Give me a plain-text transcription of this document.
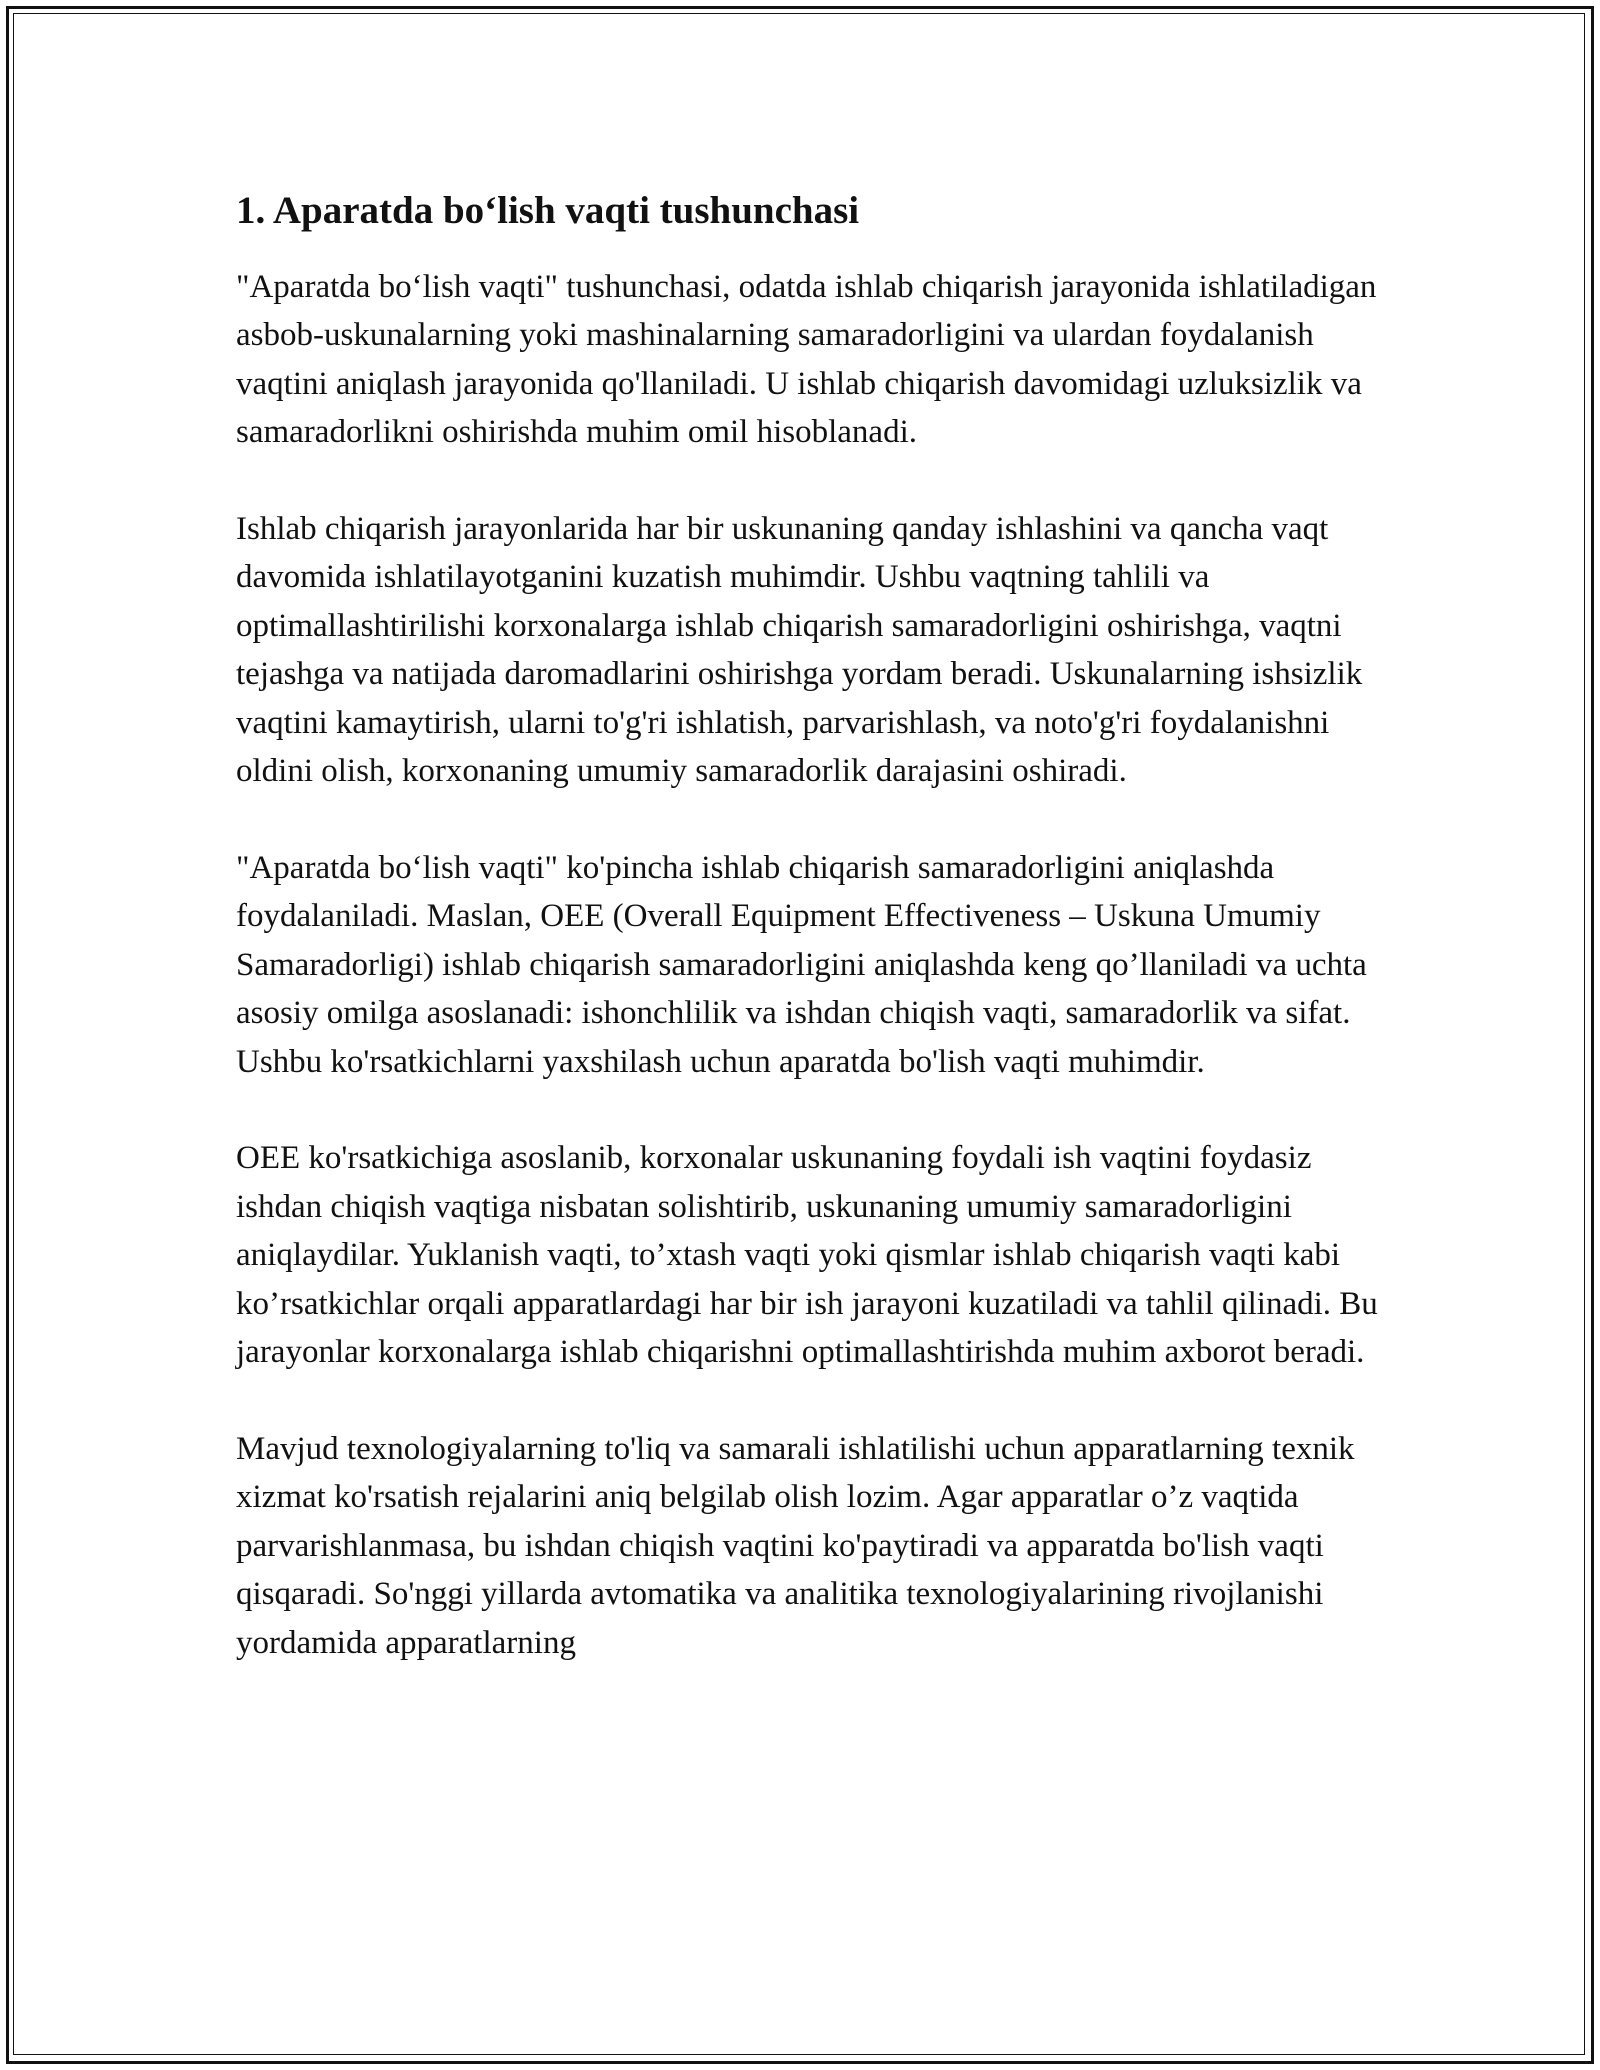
1. Aparatda bo‘lish vaqti tushunchasi

"Aparatda bo‘lish vaqti" tushunchasi, odatda ishlab chiqarish jarayonida ishlatiladigan asbob-uskunalarning yoki mashinalarning samaradorligini va ulardan foydalanish vaqtini aniqlash jarayonida qo'llaniladi. U ishlab chiqarish davomidagi uzluksizlik va samaradorlikni oshirishda muhim omil hisoblanadi.

Ishlab chiqarish jarayonlarida har bir uskunaning qanday ishlashini va qancha vaqt davomida ishlatilayotganini kuzatish muhimdir. Ushbu vaqtning tahlili va optimallashtirilishi korxonalarga ishlab chiqarish samaradorligini oshirishga, vaqtni tejashga va natijada daromadlarini oshirishga yordam beradi. Uskunalarning ishsizlik vaqtini kamaytirish, ularni to'g'ri ishlatish, parvarishlash, va noto'g'ri foydalanishni oldini olish, korxonaning umumiy samaradorlik darajasini oshiradi.

"Aparatda bo‘lish vaqti" ko'pincha ishlab chiqarish samaradorligini aniqlashda foydalaniladi. Maslan, OEE (Overall Equipment Effectiveness – Uskuna Umumiy Samaradorligi) ishlab chiqarish samaradorligini aniqlashda keng qo’llaniladi va uchta asosiy omilga asoslanadi: ishonchlilik va ishdan chiqish vaqti, samaradorlik va sifat. Ushbu ko'rsatkichlarni yaxshilash uchun aparatda bo'lish vaqti muhimdir.

OEE ko'rsatkichiga asoslanib, korxonalar uskunaning foydali ish vaqtini foydasiz ishdan chiqish vaqtiga nisbatan solishtirib, uskunaning umumiy samaradorligini aniqlaydilar. Yuklanish vaqti, to’xtash vaqti yoki qismlar ishlab chiqarish vaqti kabi ko’rsatkichlar orqali apparatlardagi har bir ish jarayoni kuzatiladi va tahlil qilinadi. Bu jarayonlar korxonalarga ishlab chiqarishni optimallashtirishda muhim axborot beradi.

Mavjud texnologiyalarning to'liq va samarali ishlatilishi uchun apparatlarning texnik xizmat ko'rsatish rejalarini aniq belgilab olish lozim. Agar apparatlar o’z vaqtida parvarishlanmasa, bu ishdan chiqish vaqtini ko'paytiradi va apparatda bo'lish vaqti qisqaradi. So'nggi yillarda avtomatika va analitika texnologiyalarining rivojlanishi yordamida apparatlarning
